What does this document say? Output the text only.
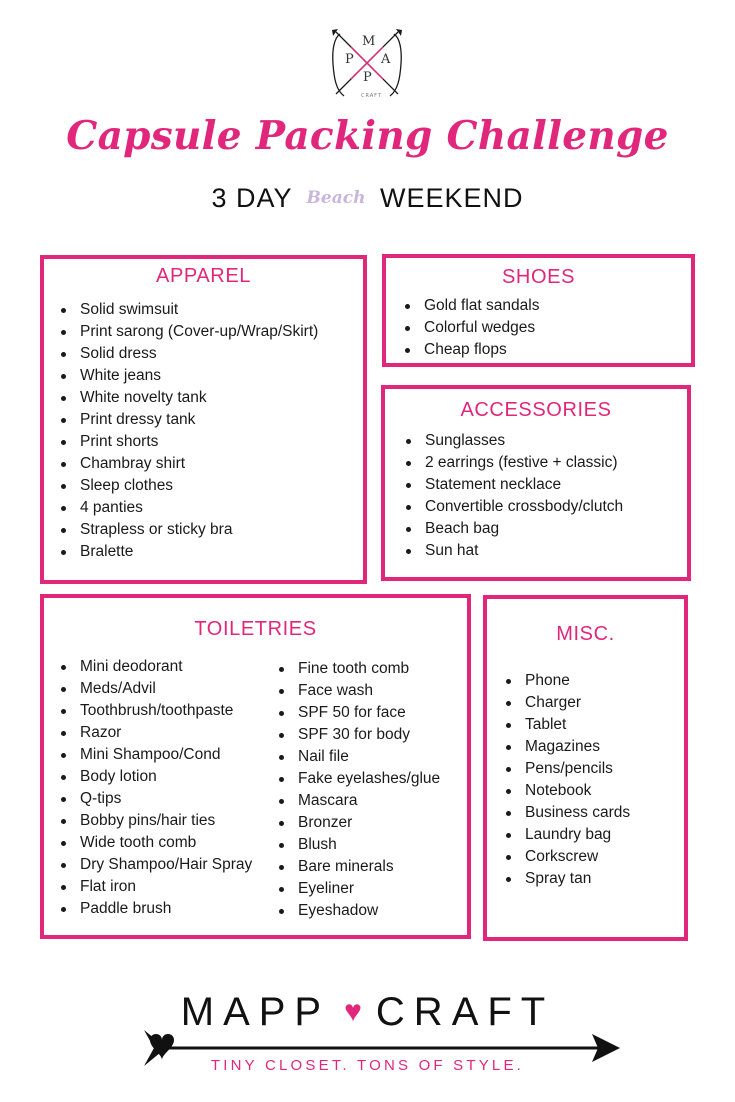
M
P A
P
CRAFT
Capsule Packing Challenge
3 DAY Beach WEEKEND
APPAREL
Solid swimsuit
Print sarong (Cover-up/Wrap/Skirt)
Solid dress
White jeans
White novelty tank
Print dressy tank
Print shorts
Chambray shirt
Sleep clothes
4 panties
Strapless or sticky bra
Bralette
SHOES
Gold flat sandals
Colorful wedges
Cheap flops
ACCESSORIES
Sunglasses
2 earrings (festive + classic)
Statement necklace
Convertible crossbody/clutch
Beach bag
Sun hat
TOILETRIES
Mini deodorant
Meds/Advil
Toothbrush/toothpaste
Razor
Mini Shampoo/Cond
Body lotion
Q-tips
Bobby pins/hair ties
Wide tooth comb
Dry Shampoo/Hair Spray
Flat iron
Paddle brush
Fine tooth comb
Face wash
SPF 50 for face
SPF 30 for body
Nail file
Fake eyelashes/glue
Mascara
Bronzer
Blush
Bare minerals
Eyeliner
Eyeshadow
MISC.
Phone
Charger
Tablet
Magazines
Pens/pencils
Notebook
Business cards
Laundry bag
Corkscrew
Spray tan
MAPP ♥ CRAFT
TINY CLOSET. TONS OF STYLE.
